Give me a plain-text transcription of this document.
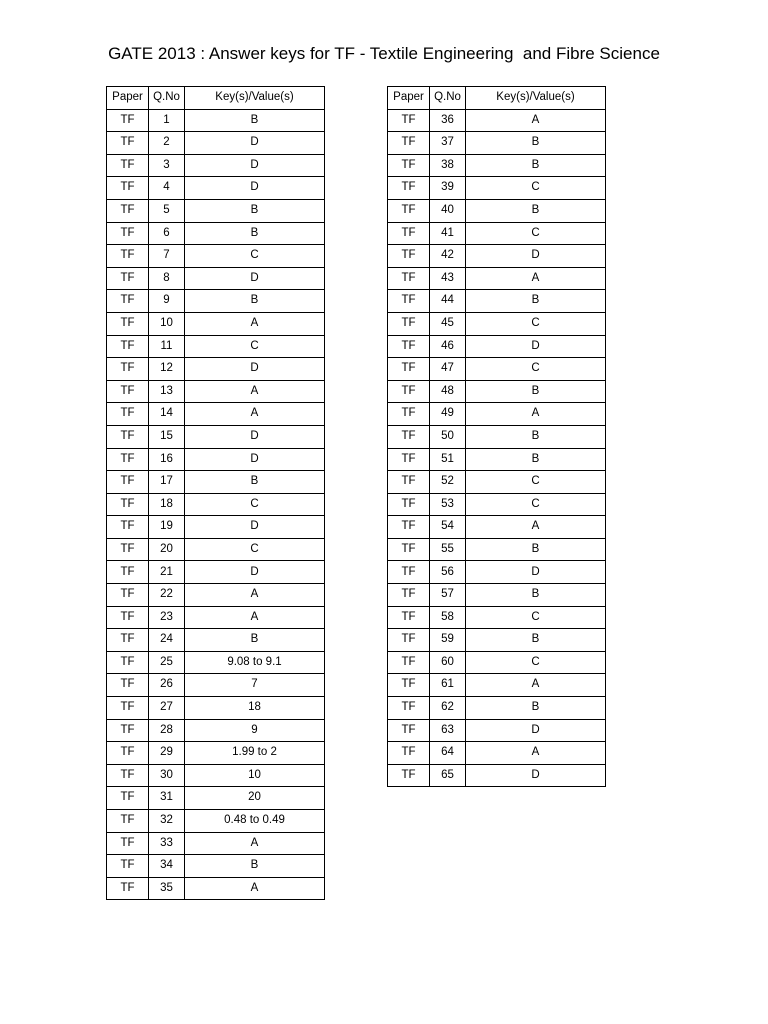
GATE 2013 : Answer keys for TF - Textile Engineering  and Fibre Science
Paper	Q.No	Key(s)/Value(s)
TF	1	B
TF	2	D
TF	3	D
TF	4	D
TF	5	B
TF	6	B
TF	7	C
TF	8	D
TF	9	B
TF	10	A
TF	11	C
TF	12	D
TF	13	A
TF	14	A
TF	15	D
TF	16	D
TF	17	B
TF	18	C
TF	19	D
TF	20	C
TF	21	D
TF	22	A
TF	23	A
TF	24	B
TF	25	9.08 to 9.1
TF	26	7
TF	27	18
TF	28	9
TF	29	1.99 to 2
TF	30	10
TF	31	20
TF	32	0.48 to 0.49
TF	33	A
TF	34	B
TF	35	A
Paper	Q.No	Key(s)/Value(s)
TF	36	A
TF	37	B
TF	38	B
TF	39	C
TF	40	B
TF	41	C
TF	42	D
TF	43	A
TF	44	B
TF	45	C
TF	46	D
TF	47	C
TF	48	B
TF	49	A
TF	50	B
TF	51	B
TF	52	C
TF	53	C
TF	54	A
TF	55	B
TF	56	D
TF	57	B
TF	58	C
TF	59	B
TF	60	C
TF	61	A
TF	62	B
TF	63	D
TF	64	A
TF	65	D
